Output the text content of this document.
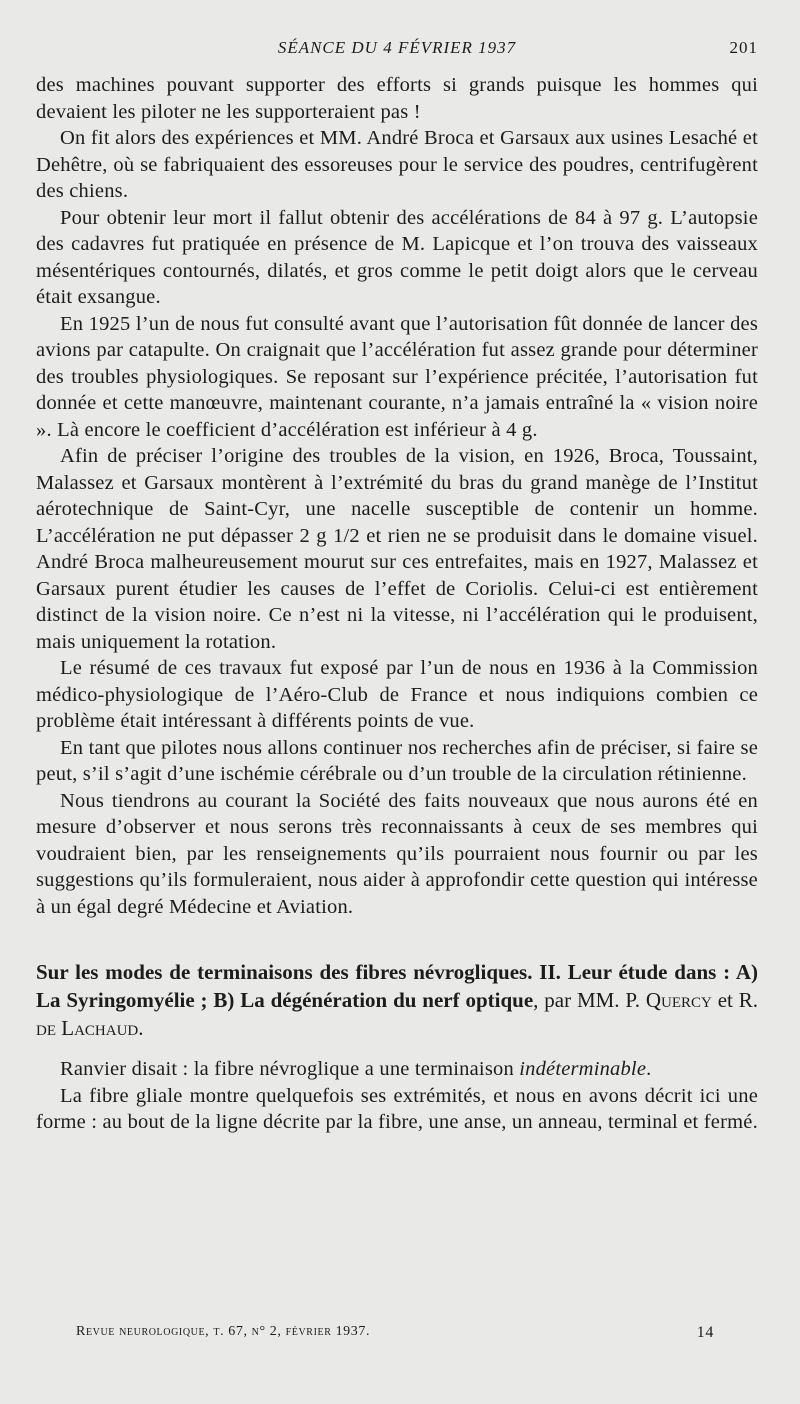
SÉANCE DU 4 FÉVRIER 1937	201

des machines pouvant supporter des efforts si grands puisque les hommes qui devaient les piloter ne les supporteraient pas !

On fit alors des expériences et MM. André Broca et Garsaux aux usines Lesaché et Dehêtre, où se fabriquaient des essoreuses pour le service des poudres, centrifugèrent des chiens.

Pour obtenir leur mort il fallut obtenir des accélérations de 84 à 97 g. L’autopsie des cadavres fut pratiquée en présence de M. Lapicque et l’on trouva des vaisseaux mésentériques contournés, dilatés, et gros comme le petit doigt alors que le cerveau était exsangue.

En 1925 l’un de nous fut consulté avant que l’autorisation fût donnée de lancer des avions par catapulte. On craignait que l’accélération fut assez grande pour déterminer des troubles physiologiques. Se reposant sur l’expérience précitée, l’autorisation fut donnée et cette manœuvre, maintenant courante, n’a jamais entraîné la « vision noire ». Là encore le coefficient d’accélération est inférieur à 4 g.

Afin de préciser l’origine des troubles de la vision, en 1926, Broca, Toussaint, Malassez et Garsaux montèrent à l’extrémité du bras du grand manège de l’Institut aérotechnique de Saint-Cyr, une nacelle susceptible de contenir un homme. L’accélération ne put dépasser 2 g 1/2 et rien ne se produisit dans le domaine visuel. André Broca malheureusement mourut sur ces entrefaites, mais en 1927, Malassez et Garsaux purent étudier les causes de l’effet de Coriolis. Celui-ci est entièrement distinct de la vision noire. Ce n’est ni la vitesse, ni l’accélération qui le produisent, mais uniquement la rotation.

Le résumé de ces travaux fut exposé par l’un de nous en 1936 à la Commission médico-physiologique de l’Aéro-Club de France et nous indiquions combien ce problème était intéressant à différents points de vue.

En tant que pilotes nous allons continuer nos recherches afin de préciser, si faire se peut, s’il s’agit d’une ischémie cérébrale ou d’un trouble de la circulation rétinienne.

Nous tiendrons au courant la Société des faits nouveaux que nous aurons été en mesure d’observer et nous serons très reconnaissants à ceux de ses membres qui voudraient bien, par les renseignements qu’ils pourraient nous fournir ou par les suggestions qu’ils formuleraient, nous aider à approfondir cette question qui intéresse à un égal degré Médecine et Aviation.

Sur les modes de terminaisons des fibres névrogliques. II. Leur étude dans : A) La Syringomyélie ; B) La dégénération du nerf optique, par MM. P. Quercy et R. de Lachaud.

Ranvier disait : la fibre névroglique a une terminaison indéterminable.

La fibre gliale montre quelquefois ses extrémités, et nous en avons décrit ici une forme : au bout de la ligne décrite par la fibre, une anse, un anneau, terminal et fermé.

Revue neurologique, t. 67, n° 2, février 1937.	14
